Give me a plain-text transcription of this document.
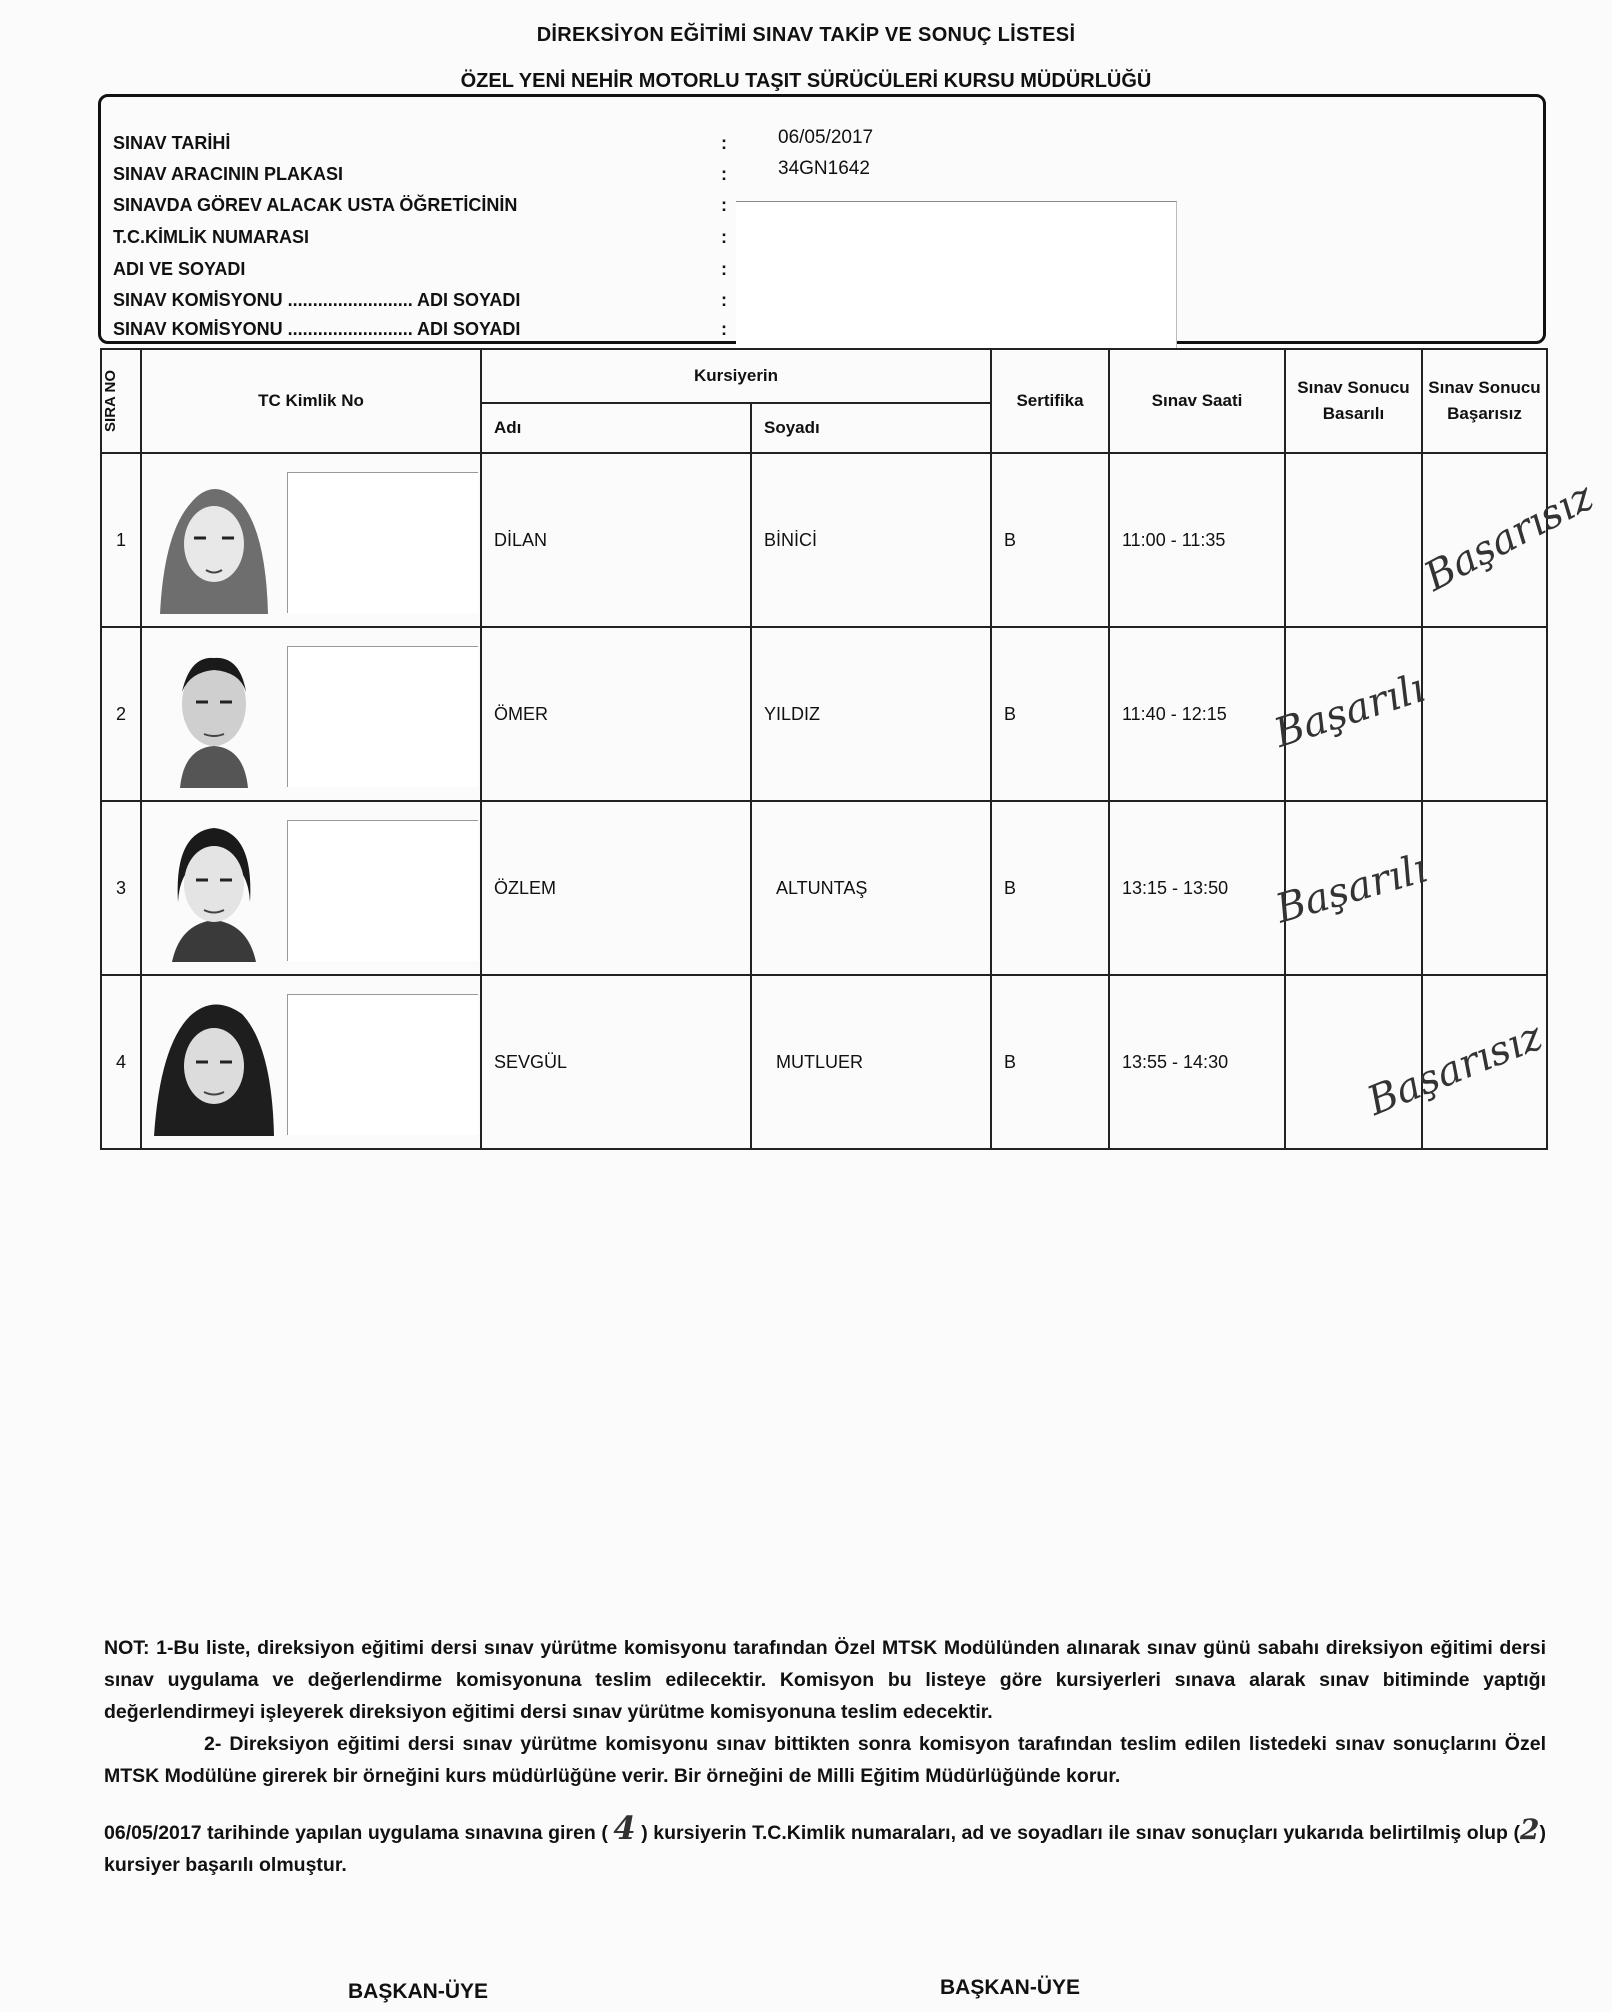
DİREKSİYON EĞİTİMİ SINAV TAKİP VE SONUÇ LİSTESİ
ÖZEL YENİ NEHİR MOTORLU TAŞIT SÜRÜCÜLERİ KURSU MÜDÜRLÜĞÜ
SINAV TARİHİ	:	06/05/2017
SINAV ARACININ PLAKASI	:	34GN1642
SINAVDA GÖREV ALACAK USTA ÖĞRETİCİNİN	:
T.C.KİMLİK NUMARASI	:
ADI VE SOYADI	:
SINAV KOMİSYONU ......................... ADI SOYADI	:
SINAV KOMİSYONU ......................... ADI SOYADI	:
SIRA NO	TC Kimlik No	Kursiyerin		Sertifika	Sınav Saati	Sınav Sonucu Basarılı	Sınav Sonucu Başarısız
		Adı	Soyadı				
1		DİLAN	BİNİCİ	B	11:00 - 11:35		Başarısız

2		ÖMER	YILDIZ	B	11:40 - 12:15	Başarılı	

3		ÖZLEM	ALTUNTAŞ	B	13:15 - 13:50	Başarılı	

4		SEVGÜL	MUTLUER	B	13:55 - 14:30		Başarısız

NOT: 1-Bu liste, direksiyon eğitimi dersi sınav yürütme komisyonu tarafından Özel MTSK Modülünden alınarak sınav günü sabahı direksiyon eğitimi dersi sınav uygulama ve değerlendirme komisyonuna teslim edilecektir. Komisyon bu listeye göre kursiyerleri sınava alarak sınav bitiminde yaptığı değerlendirmeyi işleyerek direksiyon eğitimi dersi sınav yürütme komisyonuna teslim edecektir.

2- Direksiyon eğitimi dersi sınav yürütme komisyonu sınav bittikten sonra komisyon tarafından teslim edilen listedeki sınav sonuçlarını Özel MTSK Modülüne girerek bir örneğini kurs müdürlüğüne verir. Bir örneğini de Milli Eğitim Müdürlüğünde korur.

06/05/2017 tarihinde yapılan uygulama sınavına giren ( 4 ) kursiyerin T.C.Kimlik numaraları, ad ve soyadları ile sınav sonuçları yukarıda belirtilmiş olup (2) kursiyer başarılı olmuştur.

BAŞKAN-ÜYE	BAŞKAN-ÜYE
